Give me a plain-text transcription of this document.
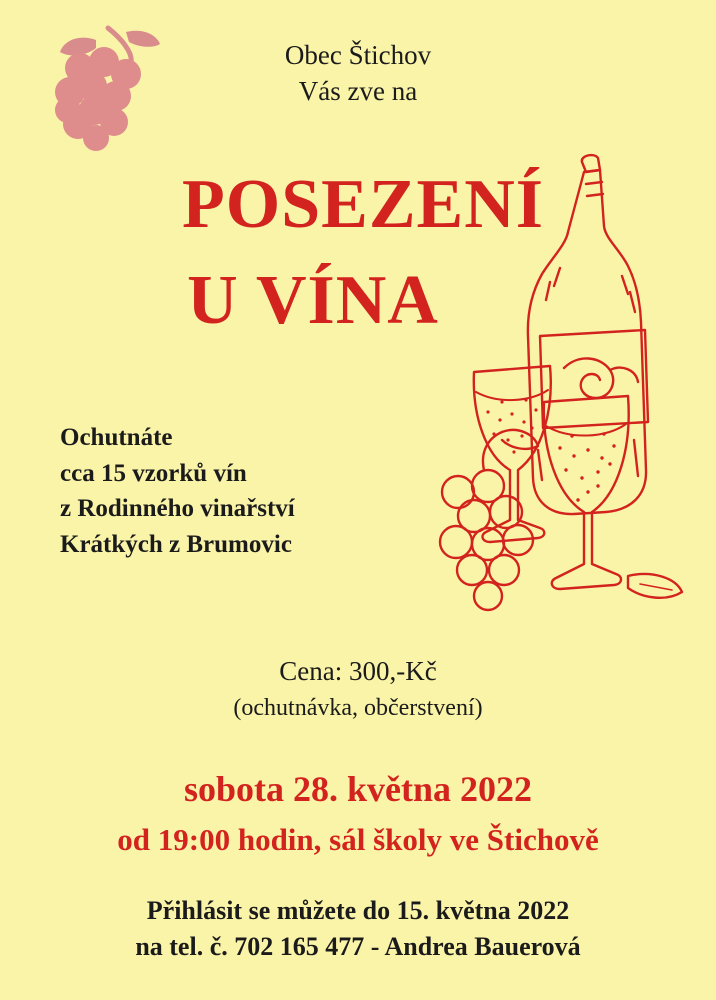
Obec Štichov
Vás zve na
POSEZENÍ
U VÍNA
Ochutnáte
cca 15 vzorků vín
z Rodinného vinařství
Krátkých z Brumovic
Cena: 300,-Kč
(ochutnávka, občerstvení)
sobota 28. května 2022
od 19:00 hodin, sál školy ve Štichově
Přihlásit se můžete do 15. května 2022
na tel. č. 702 165 477 - Andrea Bauerová
